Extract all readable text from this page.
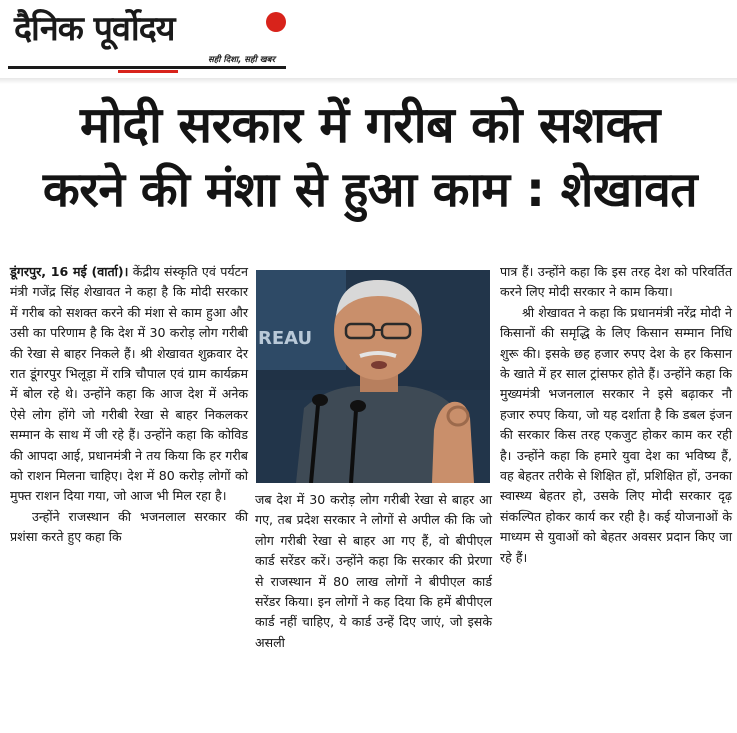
दैनिक पूर्वोदय
सही दिशा, सही खबर
मोदी सरकार में गरीब को सशक्त
करने की मंशा से हुआ काम : शेखावत

डूंगरपुर, 16 मई (वार्ता)। केंद्रीय संस्कृति एवं पर्यटन मंत्री गजेंद्र सिंह शेखावत ने कहा है कि मोदी सरकार में गरीब को सशक्त करने की मंशा से काम हुआ और उसी का परिणाम है कि देश में 30 करोड़ लोग गरीबी की रेखा से बाहर निकले हैं। श्री शेखावत शुक्रवार देर रात डूंगरपुर भिलूड़ा में रात्रि चौपाल एवं ग्राम कार्यक्रम में बोल रहे थे। उन्होंने कहा कि आज देश में अनेक ऐसे लोग होंगे जो गरीबी रेखा से बाहर निकलकर सम्मान के साथ में जी रहे हैं। उन्होंने कहा कि कोविड की आपदा आई, प्रधानमंत्री ने तय किया कि हर गरीब को राशन मिलना चाहिए। देश में 80 करोड़ लोगों को मुफ्त राशन दिया गया, जो आज भी मिल रहा है।

उन्होंने राजस्थान की भजनलाल सरकार की प्रशंसा करते हुए कहा कि

REAU

जब देश में 30 करोड़ लोग गरीबी रेखा से बाहर आ गए, तब प्रदेश सरकार ने लोगों से अपील की कि जो लोग गरीबी रेखा से बाहर आ गए हैं, वो बीपीएल कार्ड सरेंडर करें। उन्होंने कहा कि सरकार की प्रेरणा से राजस्थान में 80 लाख लोगों ने बीपीएल कार्ड सरेंडर किया। इन लोगों ने कह दिया कि हमें बीपीएल कार्ड नहीं चाहिए, ये कार्ड उन्हें दिए जाएं, जो इसके असली

पात्र हैं। उन्होंने कहा कि इस तरह देश को परिवर्तित करने लिए मोदी सरकार ने काम किया।

श्री शेखावत ने कहा कि प्रधानमंत्री नरेंद्र मोदी ने किसानों की समृद्धि के लिए किसान सम्मान निधि शुरू की। इसके छह हजार रुपए देश के हर किसान के खाते में हर साल ट्रांसफर होते हैं। उन्होंने कहा कि मुख्यमंत्री भजनलाल सरकार ने इसे बढ़ाकर नौ हजार रुपए किया, जो यह दर्शाता है कि डबल इंजन की सरकार किस तरह एकजुट होकर काम कर रही है। उन्होंने कहा कि हमारे युवा देश का भविष्य हैं, वह बेहतर तरीके से शिक्षित हों, प्रशिक्षित हों, उनका स्वास्थ्य बेहतर हो, उसके लिए मोदी सरकार दृढ़ संकल्पित होकर कार्य कर रही है। कई योजनाओं के माध्यम से युवाओं को बेहतर अवसर प्रदान किए जा रहे हैं।
